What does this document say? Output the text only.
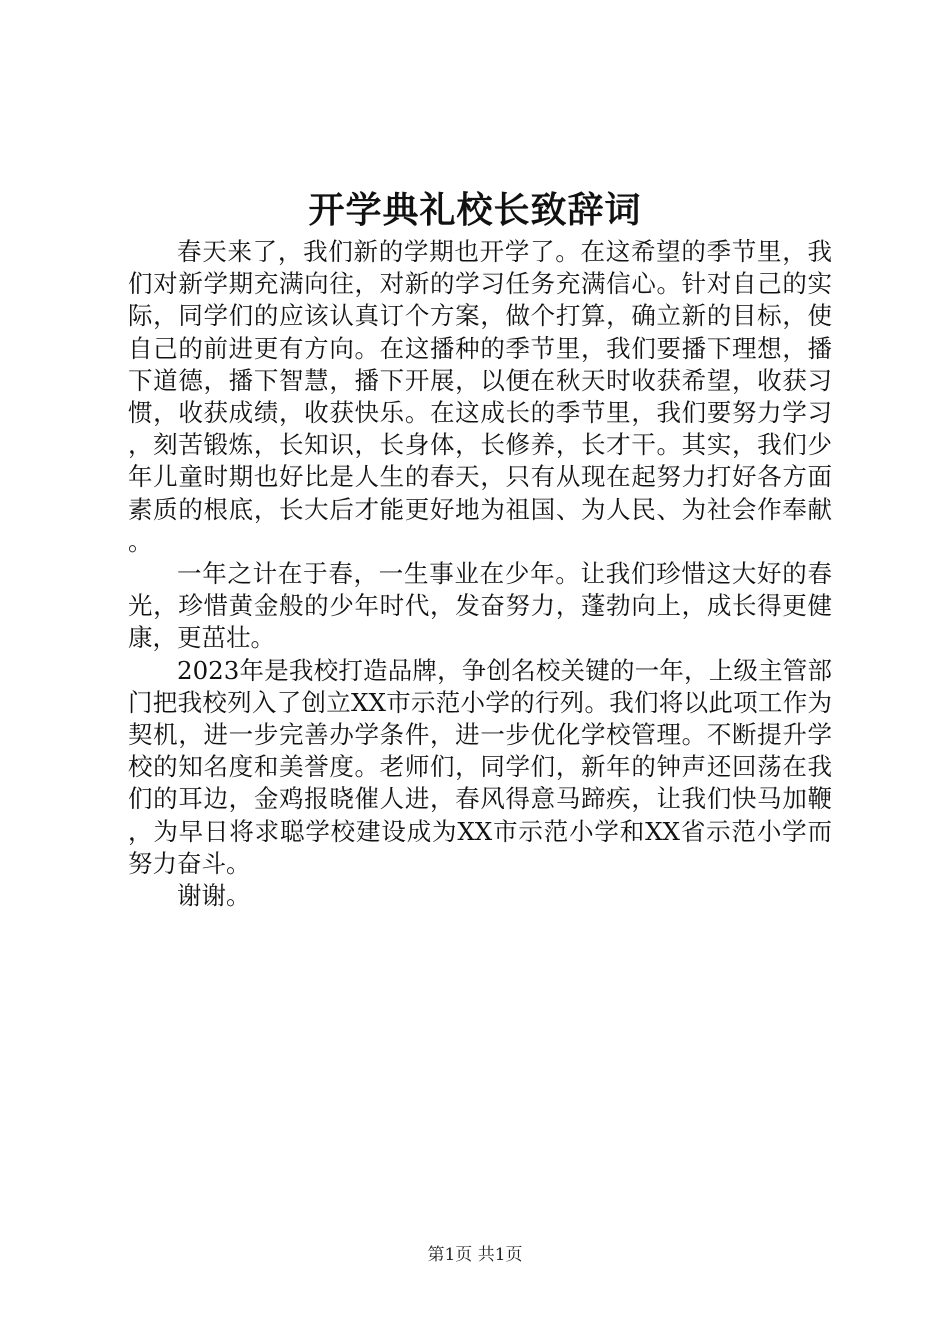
开学典礼校长致辞词

春天来了，我们新的学期也开学了。在这希望的季节里，我们对新学期充满向往，对新的学习任务充满信心。针对自己的实际，同学们的应该认真订个方案，做个打算，确立新的目标，使自己的前进更有方向。在这播种的季节里，我们要播下理想，播下道德，播下智慧，播下开展，以便在秋天时收获希望，收获习惯，收获成绩，收获快乐。在这成长的季节里，我们要努力学习，刻苦锻炼，长知识，长身体，长修养，长才干。其实，我们少年儿童时期也好比是人生的春天，只有从现在起努力打好各方面素质的根底，长大后才能更好地为祖国、为人民、为社会作奉献。

一年之计在于春，一生事业在少年。让我们珍惜这大好的春光，珍惜黄金般的少年时代，发奋努力，蓬勃向上，成长得更健康，更茁壮。

2023年是我校打造品牌，争创名校关键的一年，上级主管部门把我校列入了创立XX市示范小学的行列。我们将以此项工作为契机，进一步完善办学条件，进一步优化学校管理。不断提升学校的知名度和美誉度。老师们，同学们，新年的钟声还回荡在我们的耳边，金鸡报晓催人进，春风得意马蹄疾，让我们快马加鞭，为早日将求聪学校建设成为XX市示范小学和XX省示范小学而努力奋斗。

谢谢。

第1页 共1页
